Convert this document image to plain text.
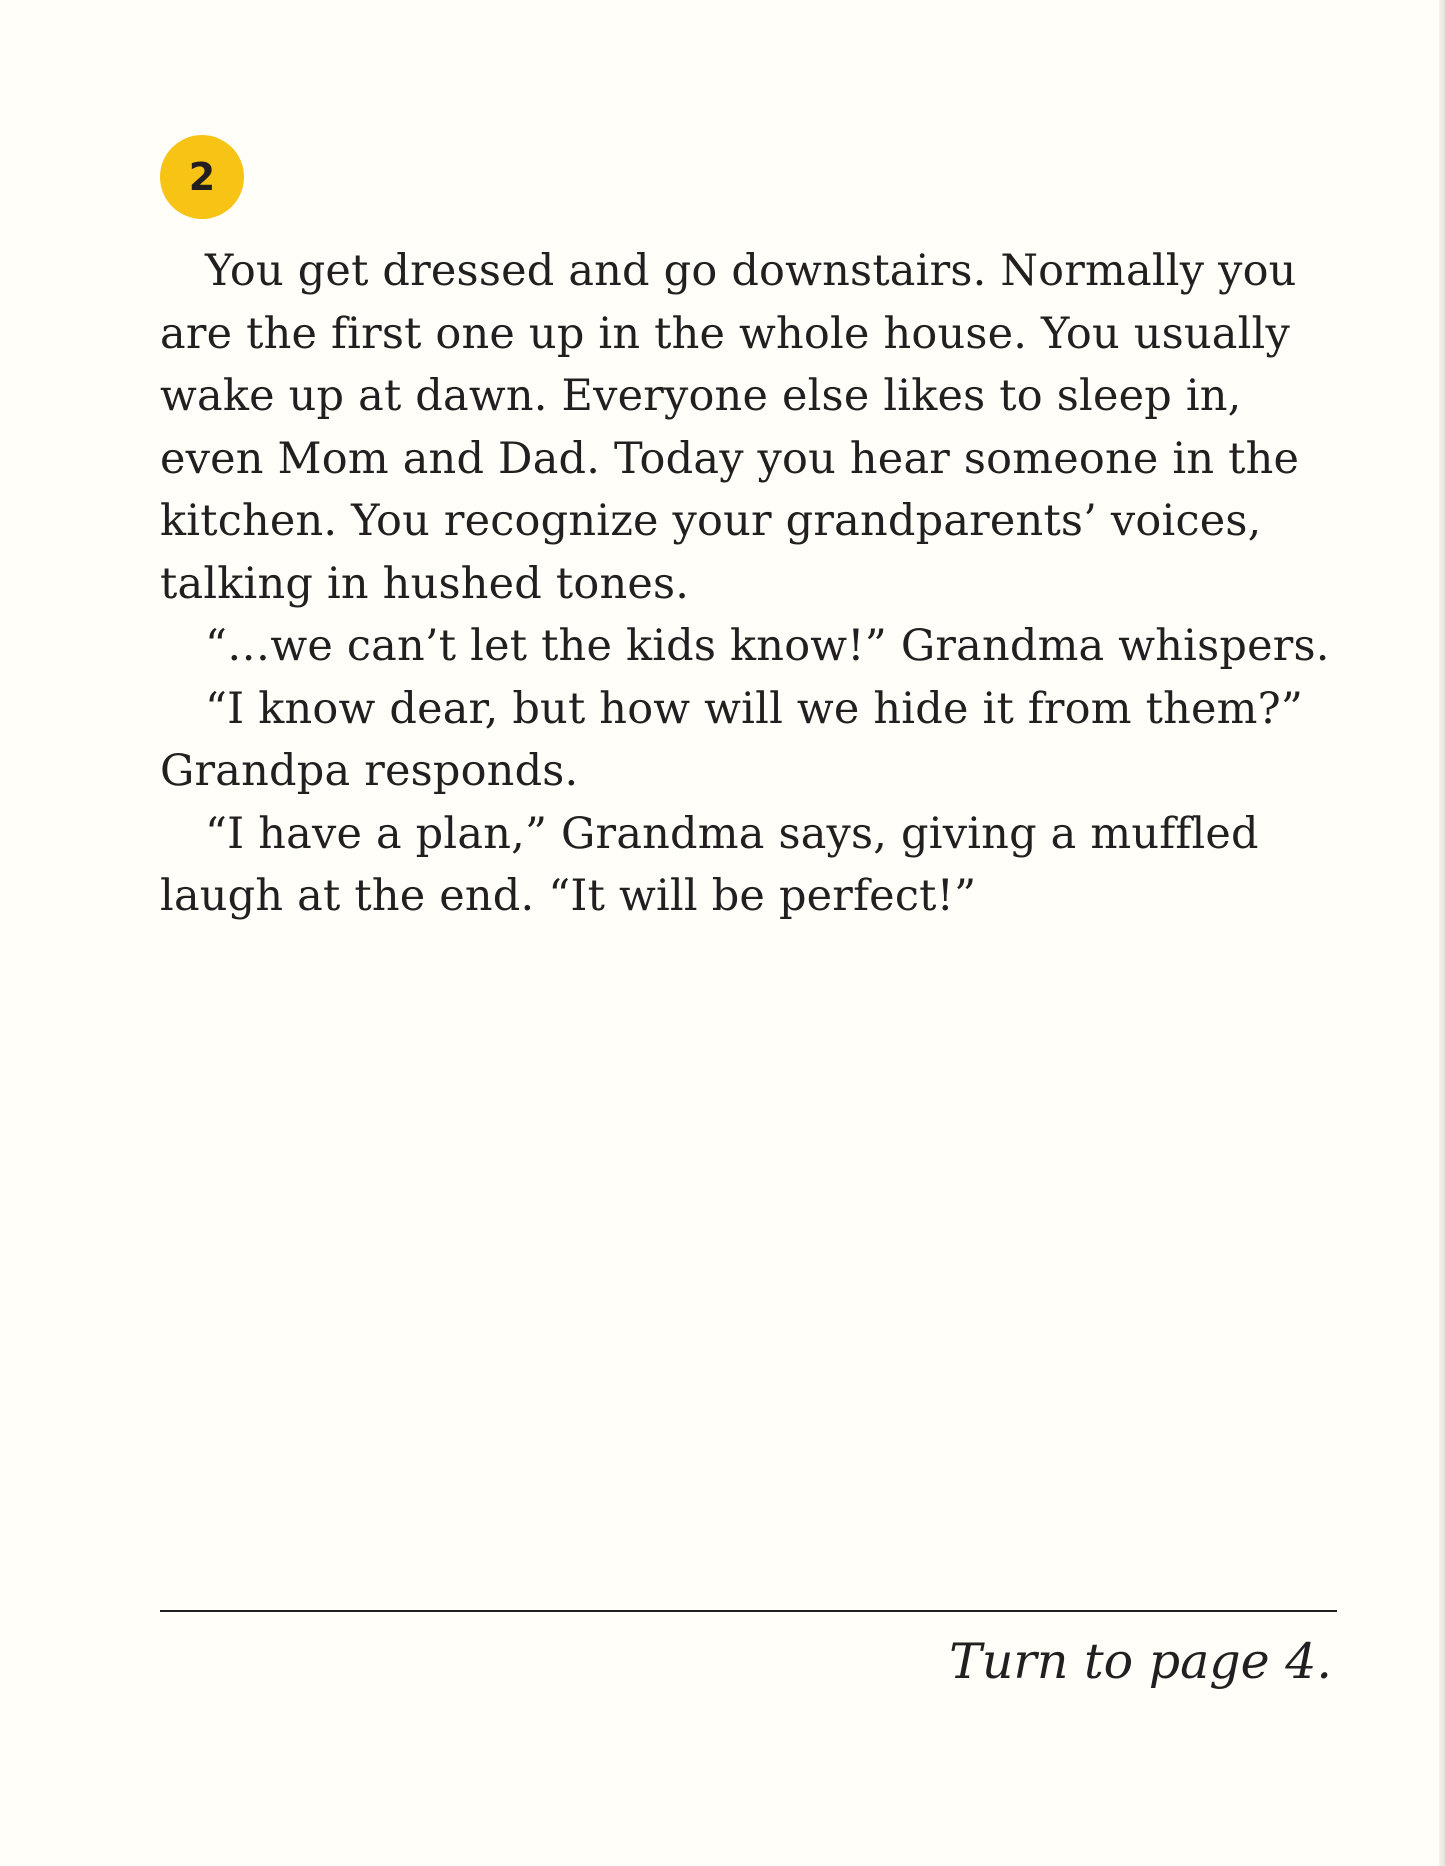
2

You get dressed and go downstairs. Normally you are the first one up in the whole house. You usually wake up at dawn. Everyone else likes to sleep in, even Mom and Dad. Today you hear someone in the kitchen. You recognize your grandparents’ voices, talking in hushed tones.

“…we can’t let the kids know!” Grandma whispers.

“I know dear, but how will we hide it from them?” Grandpa responds.

“I have a plan,” Grandma says, giving a muffled laugh at the end. “It will be perfect!”

Turn to page 4.
